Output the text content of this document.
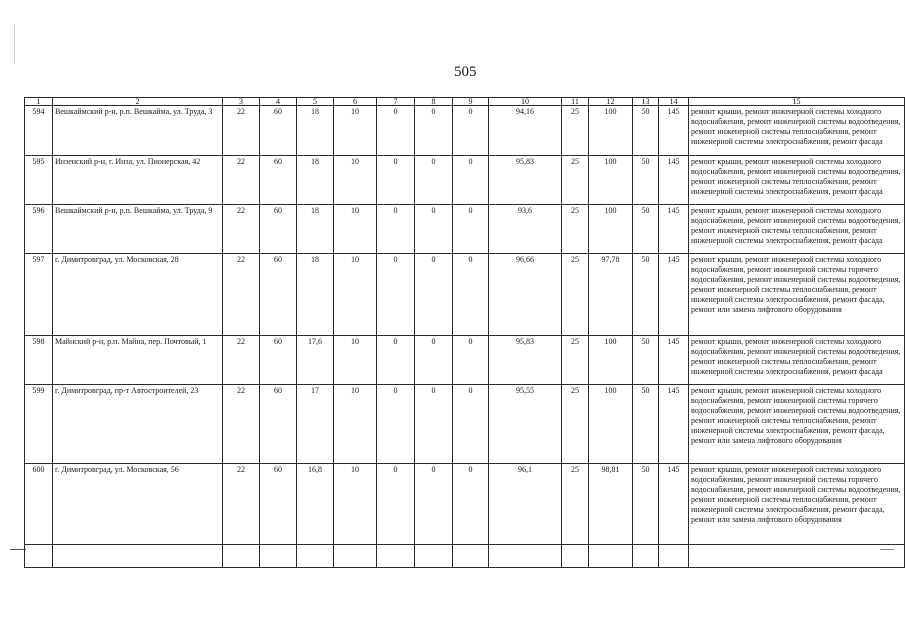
505
1	2	3	4	5	6	7	8	9	10	11	12	13	14	15
594	Вешкаймский р-н, р.п. Вешкайма, ул. Труда, 3	22	60	18	10	0	0	0	94,16	25	100	50	145	ремонт крыши, ремонт инженерной системы холодного водоснабжения, ремонт инженерной системы водоотведения, ремонт инженерной системы теплоснабжения, ремонт инженерной системы электроснабжения, ремонт фасада
595	Инзенский р-н, г. Инза, ул. Пионерская, 42	22	60	18	10	0	0	0	95,83	25	100	50	145	ремонт крыши, ремонт инженерной системы холодного водоснабжения, ремонт инженерной системы водоотведения, ремонт инженерной системы теплоснабжения, ремонт инженерной системы электроснабжения, ремонт фасада
596	Вешкаймский р-н, р.п. Вешкайма, ул. Труда, 9	22	60	18	10	0	0	0	93,6	25	100	50	145	ремонт крыши, ремонт инженерной системы холодного водоснабжения, ремонт инженерной системы водоотведения, ремонт инженерной системы теплоснабжения, ремонт инженерной системы электроснабжения, ремонт фасада
597	г. Димитровград, ул. Московская, 28	22	60	18	10	0	0	0	96,66	25	97,78	50	145	ремонт крыши, ремонт инженерной системы холодного водоснабжения, ремонт инженерной системы горячего водоснабжения, ремонт инженерной системы водоотведения, ремонт инженерной системы теплоснабжения, ремонт инженерной системы электроснабжения, ремонт фасада, ремонт или замена лифтового оборудования
598	Майнский р-н, р.п. Майна, пер. Почтовый, 1	22	60	17,6	10	0	0	0	95,83	25	100	50	145	ремонт крыши, ремонт инженерной системы холодного водоснабжения, ремонт инженерной системы водоотведения, ремонт инженерной системы теплоснабжения, ремонт инженерной системы электроснабжения, ремонт фасада
599	г. Димитровград, пр-т Автостроителей, 23	22	60	17	10	0	0	0	95,55	25	100	50	145	ремонт крыши, ремонт инженерной системы холодного водоснабжения, ремонт инженерной системы горячего водоснабжения, ремонт инженерной системы водоотведения, ремонт инженерной системы теплоснабжения, ремонт инженерной системы электроснабжения, ремонт фасада, ремонт или замена лифтового оборудования
600	г. Димитровград, ул. Московская, 56	22	60	16,8	10	0	0	0	96,1	25	98,81	50	145	ремонт крыши, ремонт инженерной системы холодного водоснабжения, ремонт инженерной системы горячего водоснабжения, ремонт инженерной системы водоотведения, ремонт инженерной системы теплоснабжения, ремонт инженерной системы электроснабжения, ремонт фасада, ремонт или замена лифтового оборудования
